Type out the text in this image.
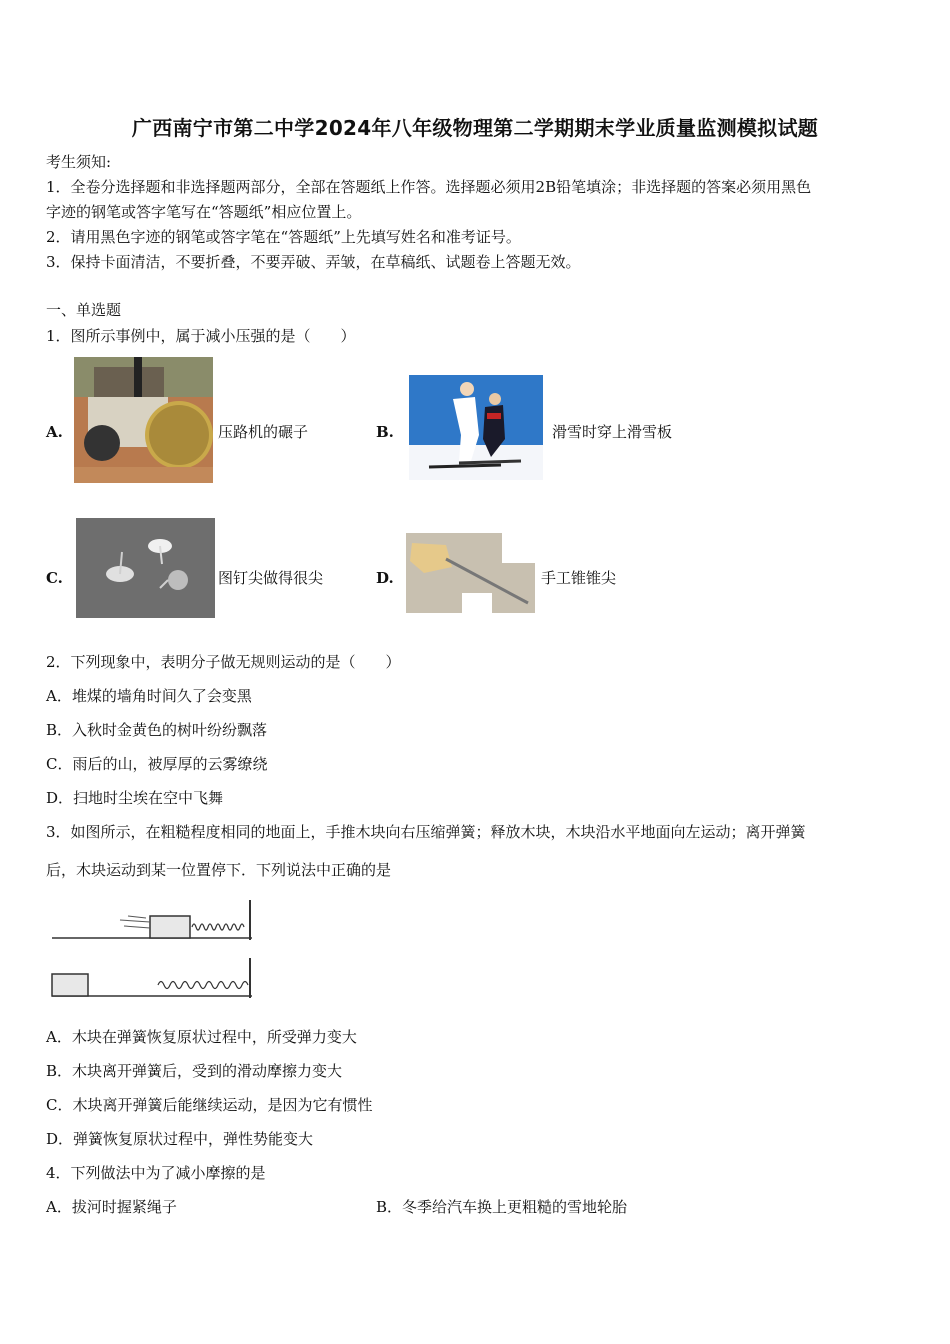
广西南宁市第二中学2024年八年级物理第二学期期末学业质量监测模拟试题
考生须知:
1．全卷分选择题和非选择题两部分，全部在答题纸上作答。选择题必须用2B铅笔填涂；非选择题的答案必须用黑色
字迹的钢笔或答字笔写在“答题纸”相应位置上。
2．请用黑色字迹的钢笔或答字笔在“答题纸”上先填写姓名和准考证号。
3．保持卡面清洁，不要折叠，不要弄破、弄皱，在草稿纸、试题卷上答题无效。
一、单选题
1．图所示事例中，属于减小压强的是（　　）
A.	压路机的碾子	B.	滑雪时穿上滑雪板
C.	图钉尖做得很尖	D.	手工锥锥尖
2．下列现象中，表明分子做无规则运动的是（　　）
A．堆煤的墙角时间久了会变黑
B．入秋时金黄色的树叶纷纷飘落
C．雨后的山，被厚厚的云雾缭绕
D．扫地时尘埃在空中飞舞
3．如图所示，在粗糙程度相同的地面上，手推木块向右压缩弹簧；释放木块，木块沿水平地面向左运动；离开弹簧
后，木块运动到某一位置停下．下列说法中正确的是
A．木块在弹簧恢复原状过程中，所受弹力变大
B．木块离开弹簧后，受到的滑动摩擦力变大
C．木块离开弹簧后能继续运动，是因为它有惯性
D．弹簧恢复原状过程中，弹性势能变大
4．下列做法中为了减小摩擦的是
A．拔河时握紧绳子	B．冬季给汽车换上更粗糙的雪地轮胎
